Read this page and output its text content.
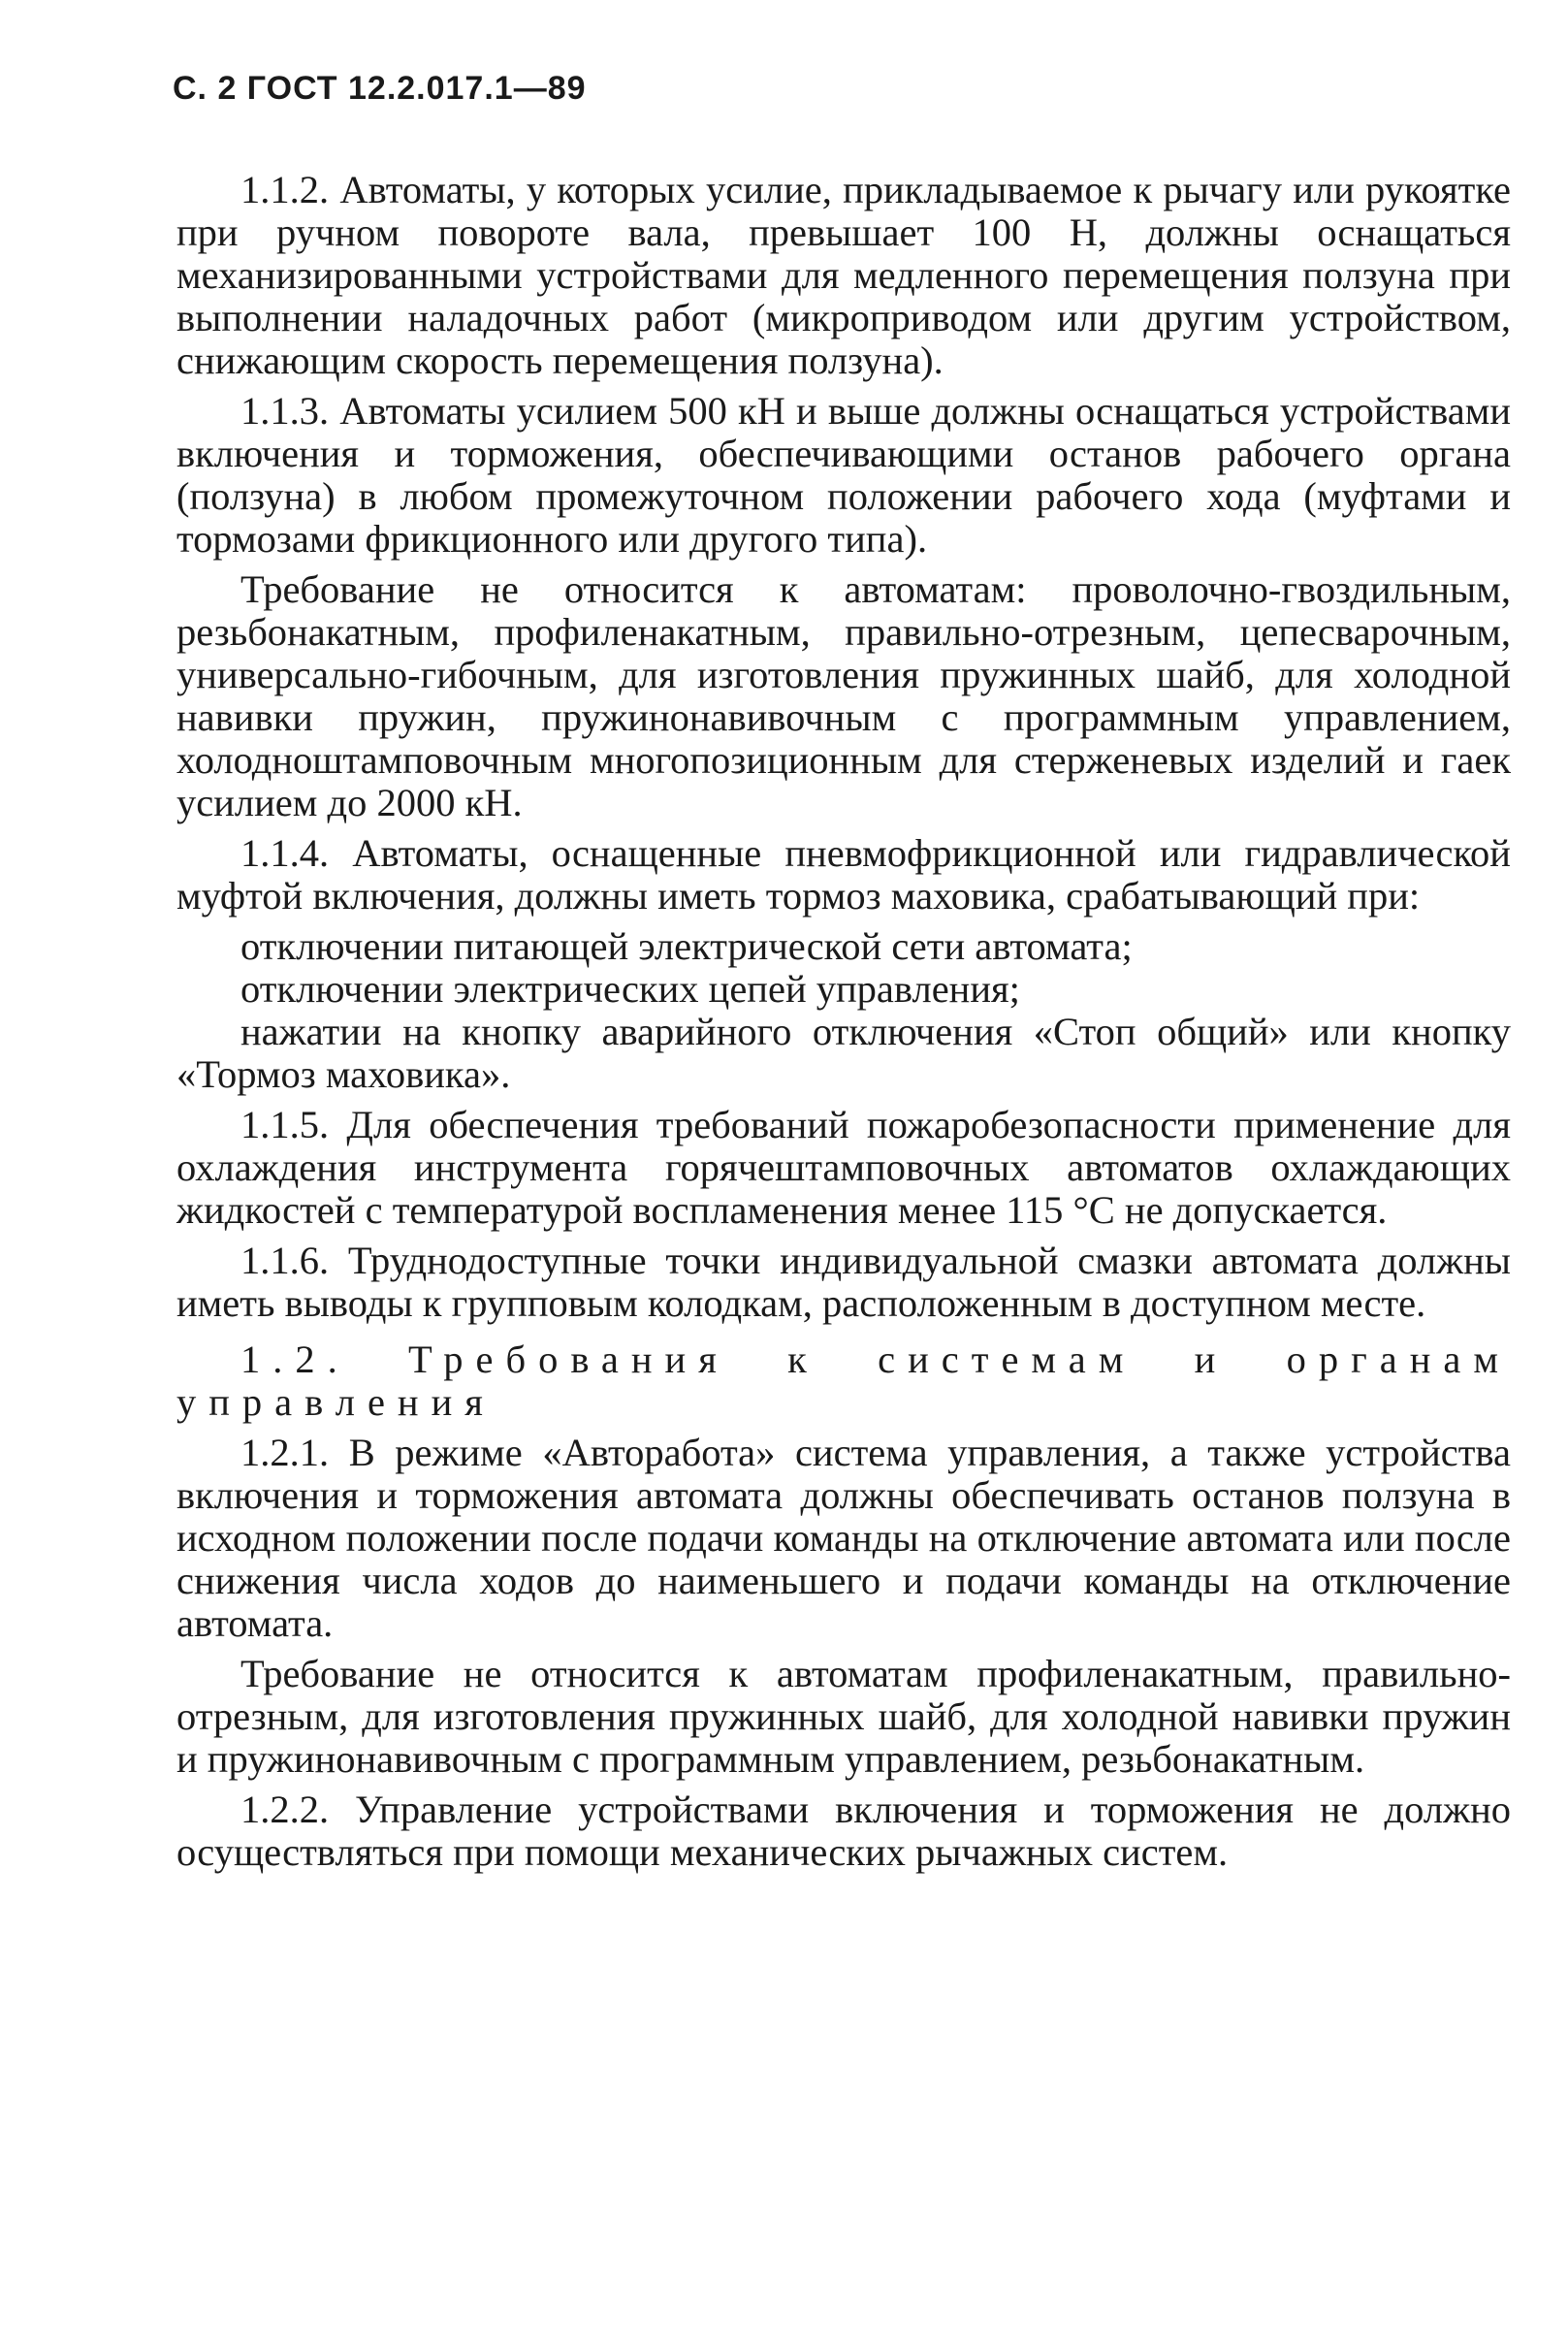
С. 2 ГОСТ 12.2.017.1—89

1.1.2. Автоматы, у которых усилие, прикладываемое к рычагу или рукоятке при ручном повороте вала, превышает 100 Н, должны оснащаться механизированными устройствами для медленного перемещения ползуна при выполнении наладочных работ (микроприводом или другим устройством, снижающим скорость перемещения ползуна).

1.1.3. Автоматы усилием 500 кН и выше должны оснащаться устройствами включения и торможения, обеспечивающими останов рабочего органа (ползуна) в любом промежуточном положении рабочего хода (муфтами и тормозами фрикционного или другого типа).

Требование не относится к автоматам: проволочно-гвоздильным, резьбонакатным, профиленакатным, правильно-отрезным, цепесварочным, универсально-гибочным, для изготовления пружинных шайб, для холодной навивки пружин, пружинонавивочным с программным управлением, холодноштамповочным многопозиционным для стерженевых изделий и гаек усилием до 2000 кН.

1.1.4. Автоматы, оснащенные пневмофрикционной или гидравлической муфтой включения, должны иметь тормоз маховика, срабатывающий при:

отключении питающей электрической сети автомата;

отключении электрических цепей управления;

нажатии на кнопку аварийного отключения «Стоп общий» или кнопку «Тормоз маховика».

1.1.5. Для обеспечения требований пожаробезопасности применение для охлаждения инструмента горячештамповочных автоматов охлаждающих жидкостей с температурой воспламенения менее 115 °С не допускается.

1.1.6. Труднодоступные точки индивидуальной смазки автомата должны иметь выводы к групповым колодкам, расположенным в доступном месте.

1.2. Требования к системам и органам управления

1.2.1. В режиме «Авторабота» система управления, а также устройства включения и торможения автомата должны обеспечивать останов ползуна в исходном положении после подачи команды на отключение автомата или после снижения числа ходов до наименьшего и подачи команды на отключение автомата.

Требование не относится к автоматам профиленакатным, правильно-отрезным, для изготовления пружинных шайб, для холодной навивки пружин и пружинонавивочным с программным управлением, резьбонакатным.

1.2.2. Управление устройствами включения и торможения не должно осуществляться при помощи механических рычажных систем.
